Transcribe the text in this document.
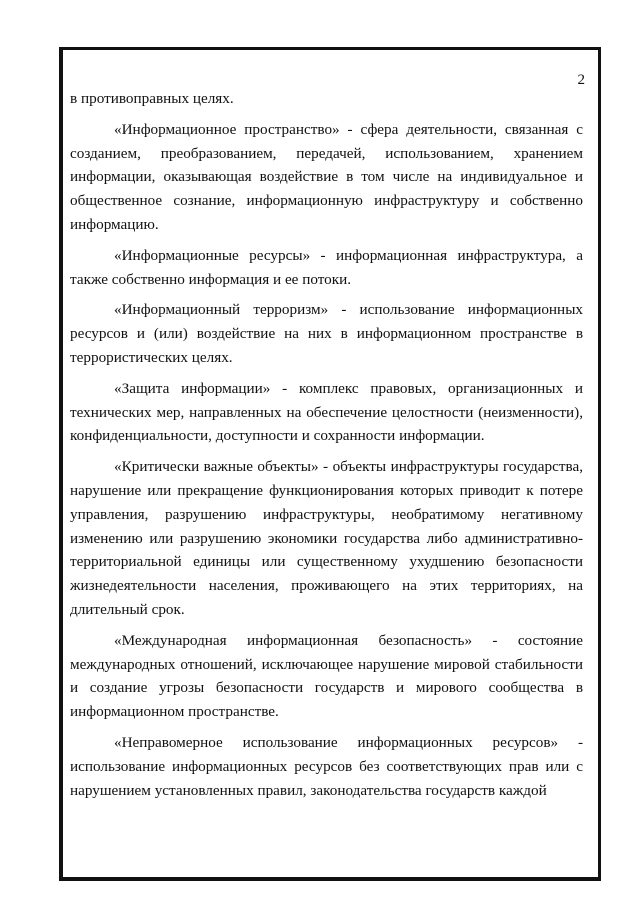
2

в противоправных целях.

«Информационное пространство» - сфера деятельности, связанная с созданием, преобразованием, передачей, использованием, хранением информации, оказывающая воздействие в том числе на индивидуальное и общественное сознание, информационную инфраструктуру и собственно информацию.

«Информационные ресурсы» - информационная инфраструктура, а также собственно информация и ее потоки.

«Информационный терроризм» - использование информационных ресурсов и (или) воздействие на них в информационном пространстве в террористических целях.

«Защита информации» - комплекс правовых, организационных и технических мер, направленных на обеспечение целостности (неизменности), конфиденциальности, доступности и сохранности информации.

«Критически важные объекты» - объекты инфраструктуры государства, нарушение или прекращение функционирования которых приводит к потере управления, разрушению инфраструктуры, необратимому негативному изменению или разрушению экономики государства либо административно-территориальной единицы или существенному ухудшению безопасности жизнедеятельности населения, проживающего на этих территориях, на длительный срок.

«Международная информационная безопасность» - состояние международных отношений, исключающее нарушение мировой стабильности и создание угрозы безопасности государств и мирового сообщества в информационном пространстве.

«Неправомерное использование информационных ресурсов» - использование информационных ресурсов без соответствующих прав или с нарушением установленных правил, законодательства государств каждой
